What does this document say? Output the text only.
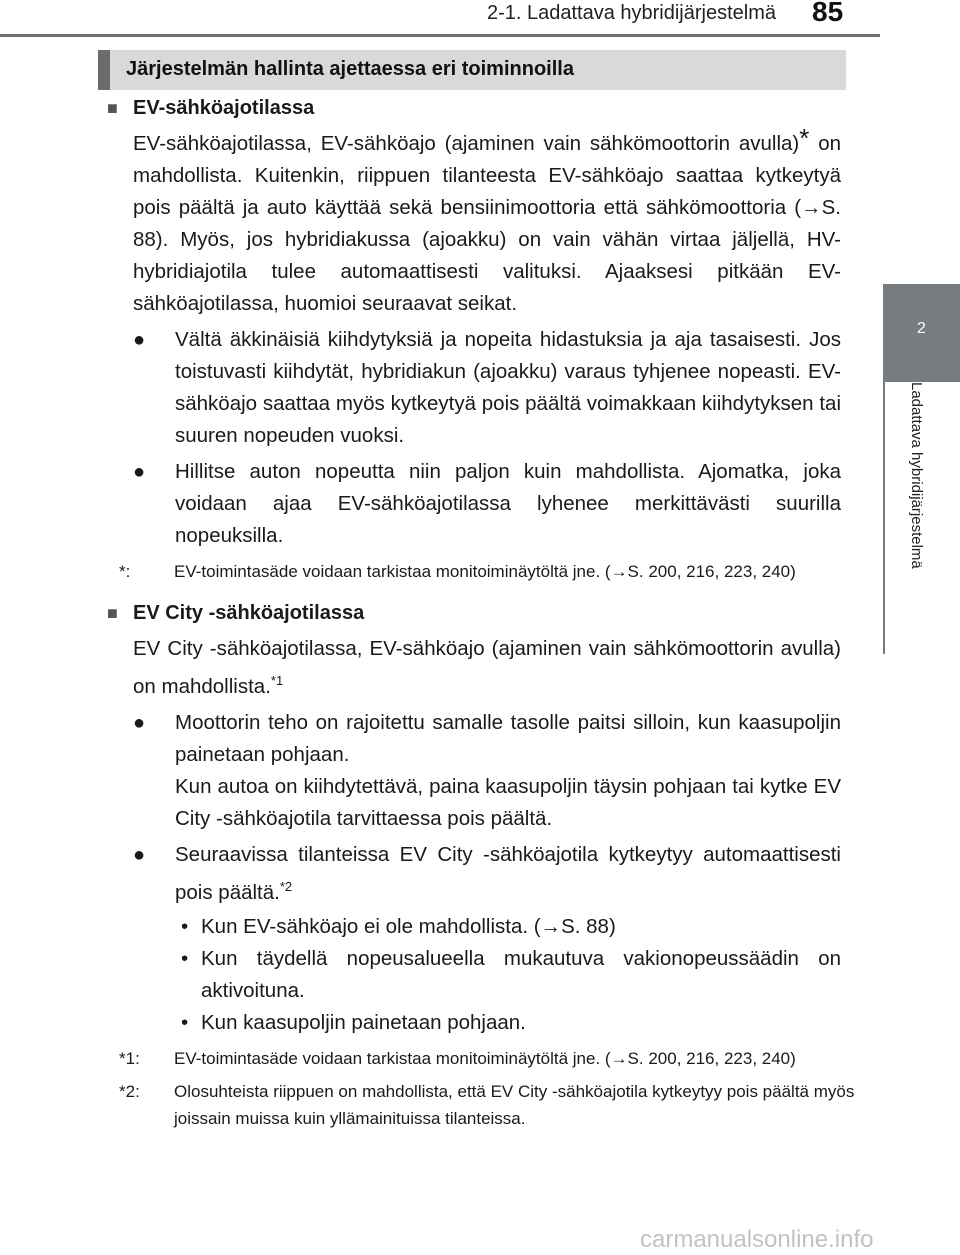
2-1. Ladattava hybridijärjestelmä 85
2
Ladattava hybridijärjestelmä
Järjestelmän hallinta ajettaessa eri toiminnoilla

■ EV-sähköajotilassa

EV-sähköajotilassa, EV-sähköajo (ajaminen vain sähkömoottorin avulla)* on mahdollista. Kuitenkin, riippuen tilanteesta EV-sähköajo saattaa kytkeytyä pois päältä ja auto käyttää sekä bensiinimoottoria että sähkömoottoria (→S. 88). Myös, jos hybridiakussa (ajoakku) on vain vähän virtaa jäljellä, HV-hybridiajotila tulee automaattisesti valituksi. Ajaaksesi pitkään EV-sähköajotilassa, huomioi seuraavat seikat.

● Vältä äkkinäisiä kiihdytyksiä ja nopeita hidastuksia ja aja tasaisesti. Jos toistuvasti kiihdytät, hybridiakun (ajoakku) varaus tyhjenee nopeasti. EV-sähköajo saattaa myös kytkeytyä pois päältä voimakkaan kiihdytyksen tai suuren nopeuden vuoksi.

● Hillitse auton nopeutta niin paljon kuin mahdollista. Ajomatka, joka voidaan ajaa EV-sähköajotilassa lyhenee merkittävästi suurilla nopeuksilla.

*:	EV-toimintasäde voidaan tarkistaa monitoiminäytöltä jne. (→S. 200, 216, 223, 240)

■ EV City -sähköajotilassa

EV City -sähköajotilassa, EV-sähköajo (ajaminen vain sähkömoottorin avulla) on mahdollista.$^{*1}$

● Moottorin teho on rajoitettu samalle tasolle paitsi silloin, kun kaasupoljin painetaan pohjaan.
Kun autoa on kiihdytettävä, paina kaasupoljin täysin pohjaan tai kytke EV City -sähköajotila tarvittaessa pois päältä.
● Seuraavissa tilanteissa EV City -sähköajotila kytkeytyy automaattisesti pois päältä.$^{*2}$
• Kun EV-sähköajo ei ole mahdollista. (→S. 88)
• Kun täydellä nopeusalueella mukautuva vakionopeussäädin on aktivoituna.
• Kun kaasupoljin painetaan pohjaan.
*1: EV-toimintasäde voidaan tarkistaa monitoiminäytöltä jne. (→S. 200, 216, 223, 240)
*2: Olosuhteista riippuen on mahdollista, että EV City -sähköajotila kytkeytyy pois päältä myös joissain muissa kuin yllämainituissa tilanteissa.
carmanualsonline.info
